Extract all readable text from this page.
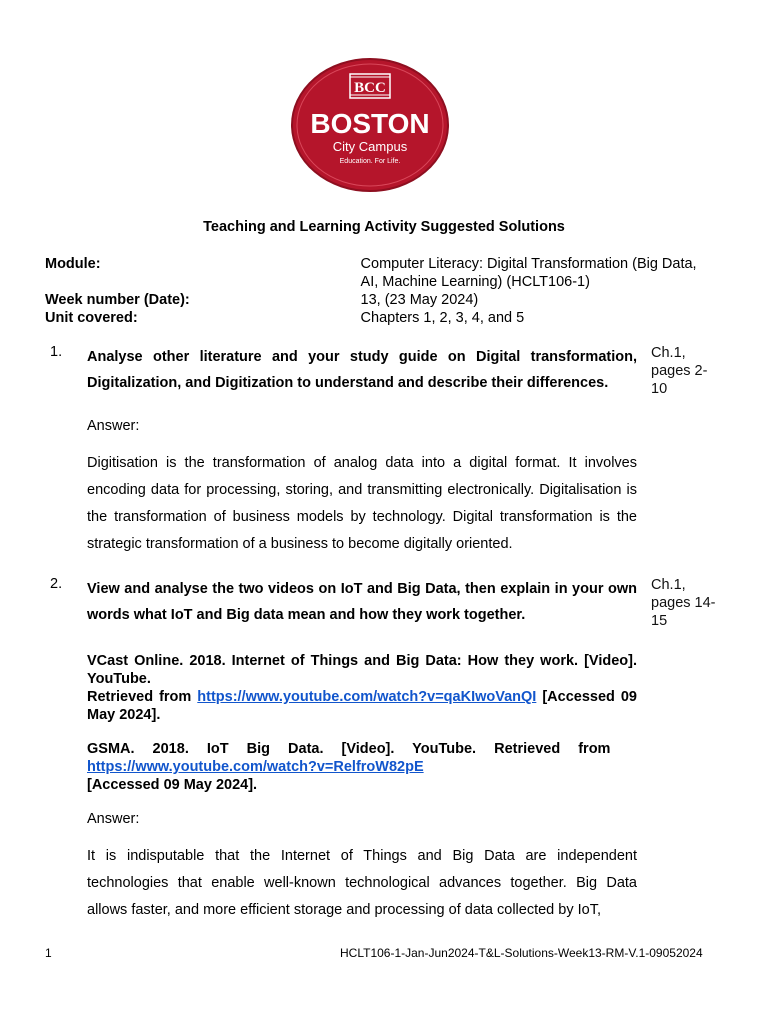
BCC
BOSTON
City Campus
Education. For Life.
Teaching and Learning Activity Suggested Solutions
Module:	Computer Literacy: Digital Transformation (Big Data,
AI, Machine Learning) (HCLT106-1)
Week number (Date):	13, (23 May 2024)
Unit covered:	Chapters 1, 2, 3, 4, and 5
1. Analyse other literature and your study guide on Digital transformation, Digitalization, and Digitization to understand and describe their differences.
Ch.1,
pages 2-10
Answer:
Digitisation is the transformation of analog data into a digital format. It involves encoding data for processing, storing, and transmitting electronically. Digitalisation is the transformation of business models by technology. Digital transformation is the strategic transformation of a business to become digitally oriented.
2. View and analyse the two videos on IoT and Big Data, then explain in your own words what IoT and Big data mean and how they work together.
Ch.1,
pages 14-
15
VCast Online. 2018. Internet of Things and Big Data: How they work. [Video]. YouTube.
Retrieved from https://www.youtube.com/watch?v=qaKIwoVanQI [Accessed 09 May 2024].
GSMA. 2018. IoT Big Data. [Video]. YouTube. Retrieved from
https://www.youtube.com/watch?v=RelfroW82pE
[Accessed 09 May 2024].
Answer:
It is indisputable that the Internet of Things and Big Data are independent technologies that enable well-known technological advances together. Big Data allows faster, and more efficient storage and processing of data collected by IoT,
1	HCLT106-1-Jan-Jun2024-T&L-Solutions-Week13-RM-V.1-09052024
